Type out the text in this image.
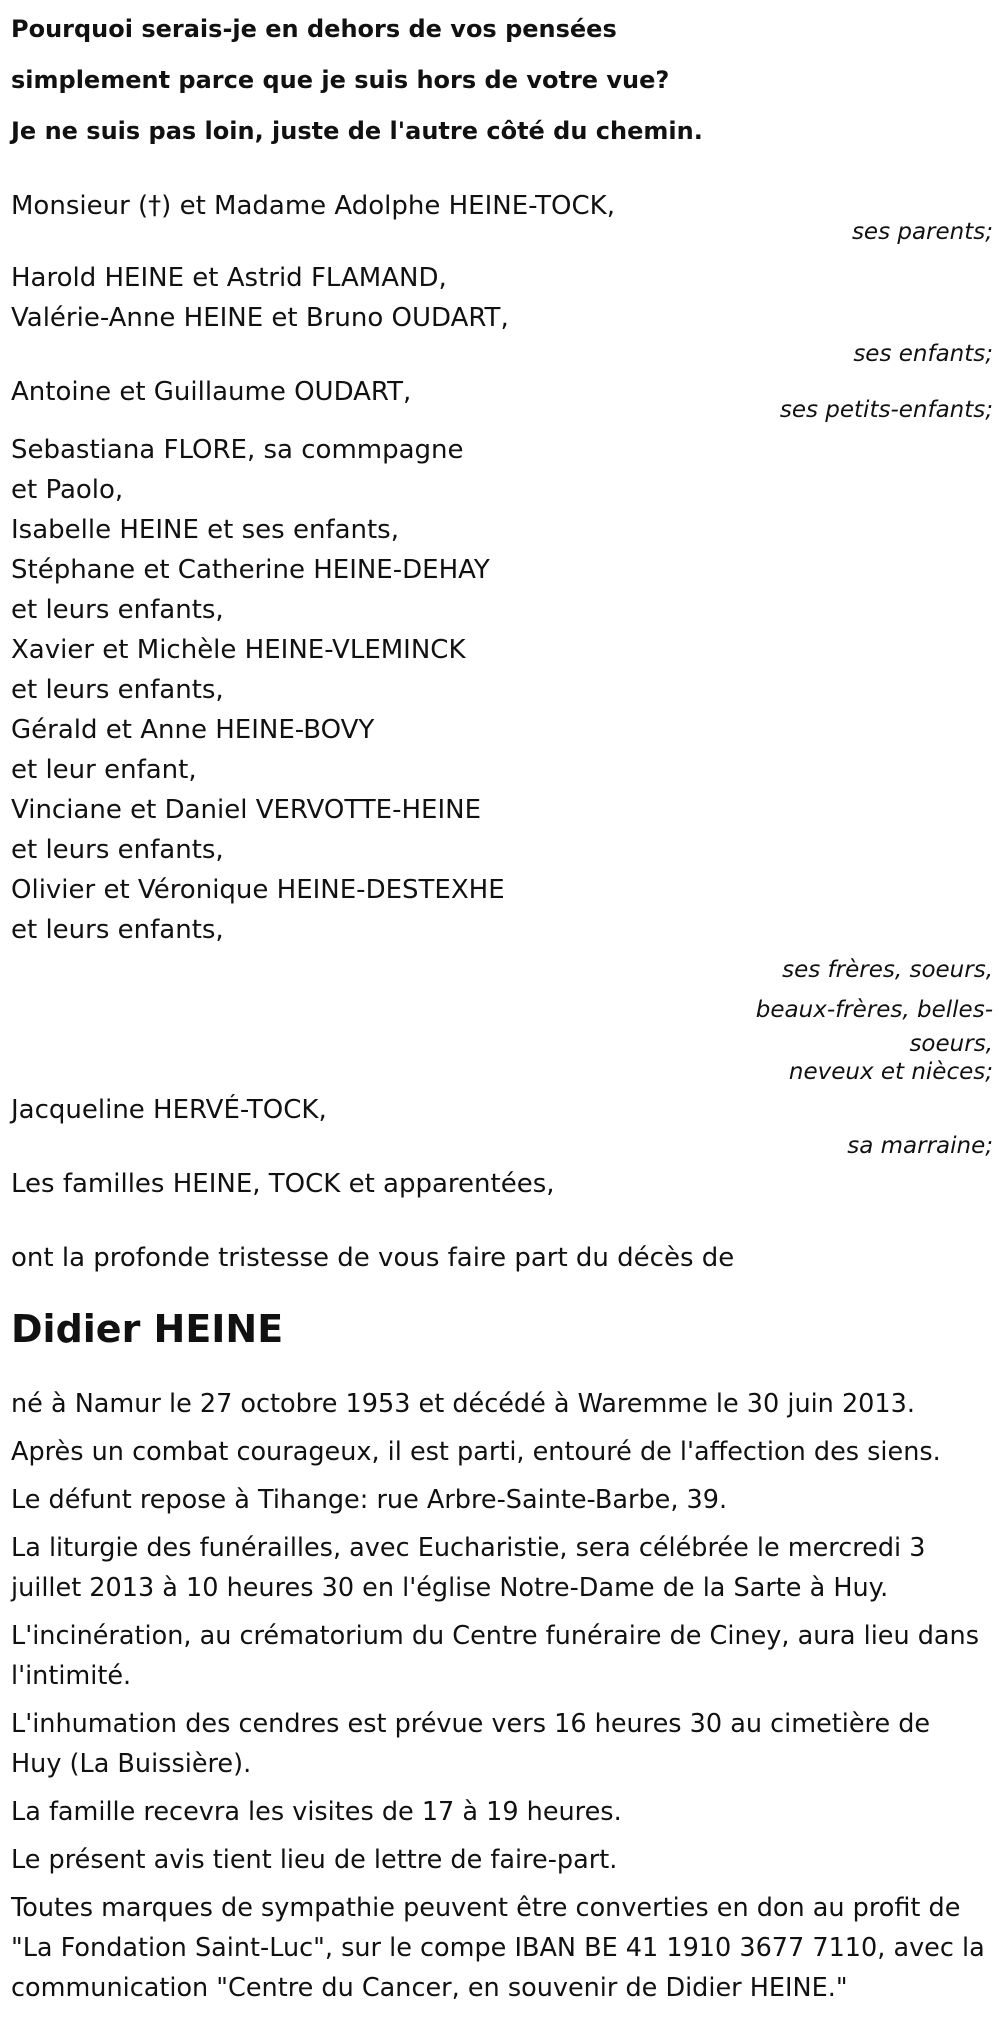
Pourquoi serais-je en dehors de vos pensées
simplement parce que je suis hors de votre vue?
Je ne suis pas loin, juste de l'autre côté du chemin.
Monsieur (†) et Madame Adolphe HEINE-TOCK,
ses parents;
Harold HEINE et Astrid FLAMAND,
Valérie-Anne HEINE et Bruno OUDART,
ses enfants;
Antoine et Guillaume OUDART,
ses petits-enfants;
Sebastiana FLORE, sa commpagne
et Paolo,
Isabelle HEINE et ses enfants,
Stéphane et Catherine HEINE-DEHAY
et leurs enfants,
Xavier et Michèle HEINE-VLEMINCK
et leurs enfants,
Gérald et Anne HEINE-BOVY
et leur enfant,
Vinciane et Daniel VERVOTTE-HEINE
et leurs enfants,
Olivier et Véronique HEINE-DESTEXHE
et leurs enfants,
ses frères, soeurs,
beaux-frères, belles-
soeurs,
neveux et nièces;
Jacqueline HERVÉ-TOCK,
sa marraine;
Les familles HEINE, TOCK et apparentées,
ont la profonde tristesse de vous faire part du décès de
Didier HEINE

né à Namur le 27 octobre 1953 et décédé à Waremme le 30 juin 2013.

Après un combat courageux, il est parti, entouré de l'affection des siens.

Le défunt repose à Tihange: rue Arbre-Sainte-Barbe, 39.

La liturgie des funérailles, avec Eucharistie, sera célébrée le mercredi 3 juillet 2013 à 10 heures 30 en l'église Notre-Dame de la Sarte à Huy.

L'incinération, au crématorium du Centre funéraire de Ciney, aura lieu dans l'intimité.

L'inhumation des cendres est prévue vers 16 heures 30 au cimetière de Huy (La Buissière).

La famille recevra les visites de 17 à 19 heures.

Le présent avis tient lieu de lettre de faire-part.

Toutes marques de sympathie peuvent être converties en don au profit de "La Fondation Saint-Luc", sur le compe IBAN BE 41 1910 3677 7110, avec la communication "Centre du Cancer, en souvenir de Didier HEINE."
